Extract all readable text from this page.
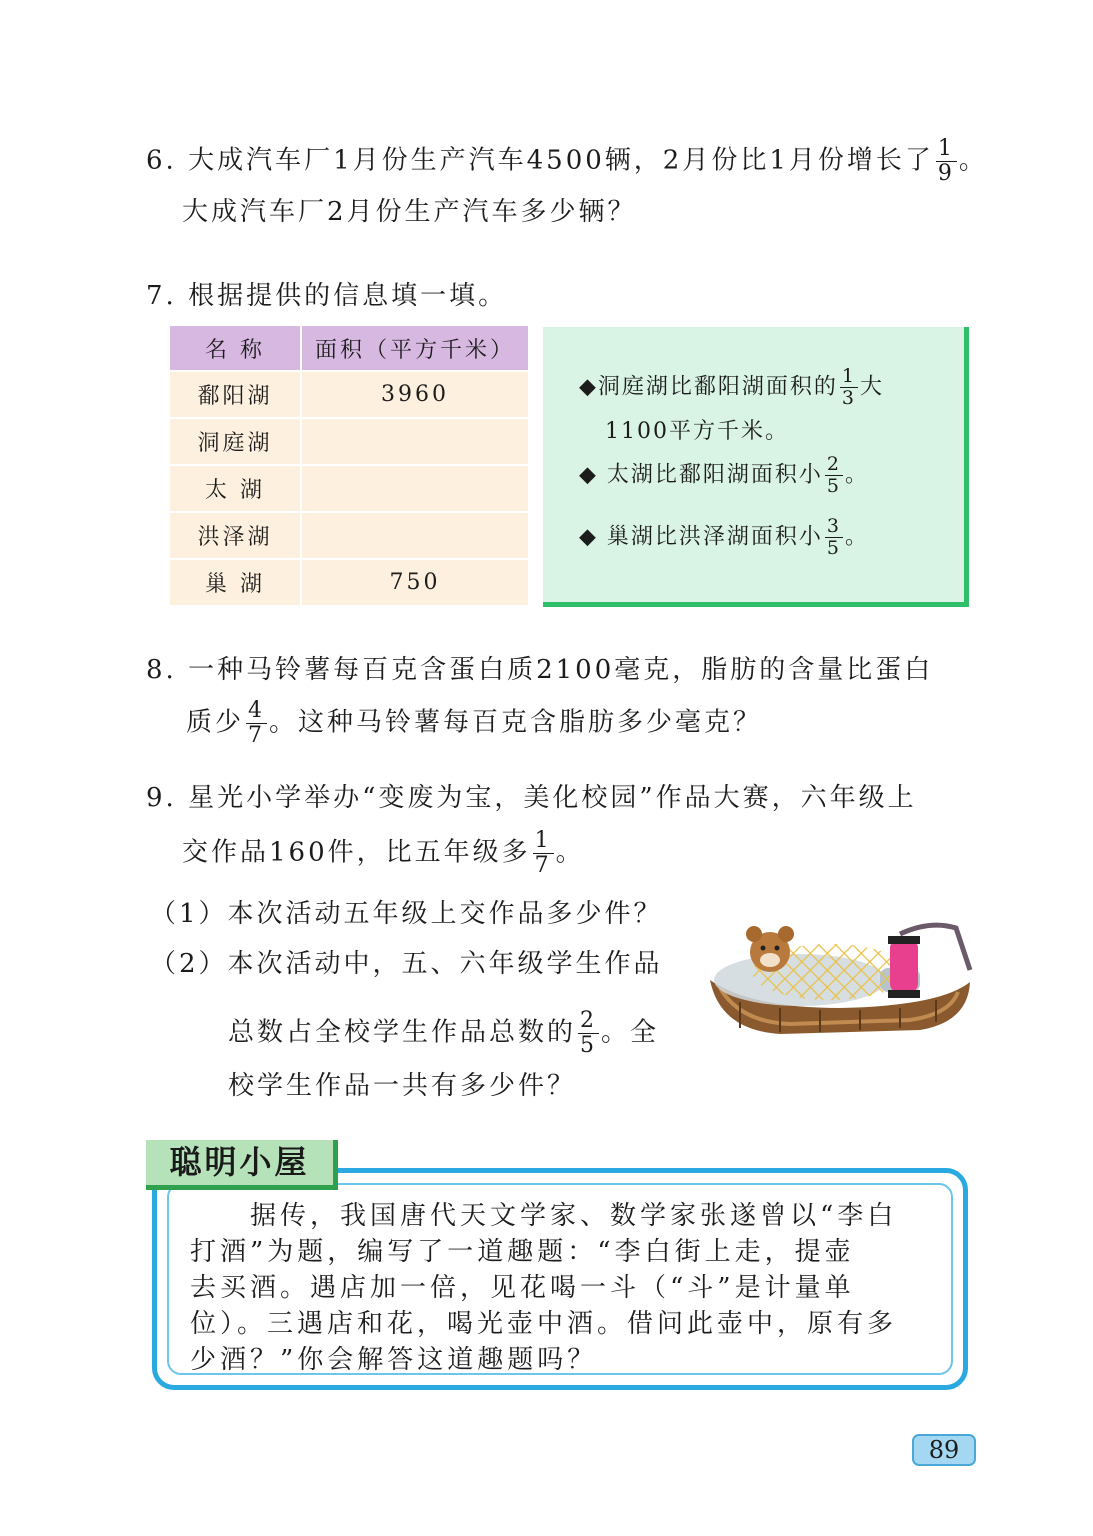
6. 大成汽车厂1月份生产汽车4500辆，2月份比1月份增长了 $\frac{1}{9}$ 。
大成汽车厂2月份生产汽车多少辆？
7. 根据提供的信息填一填。
名 称	面积（平方千米）
鄱阳湖	3960
洞庭湖	
太 湖	
洪泽湖	
巢 湖	750
◆洞庭湖比鄱阳湖面积的 $\frac{1}{3}$ 大
1100平方千米。
◆ 太湖比鄱阳湖面积小 $\frac{2}{5}$ 。
◆ 巢湖比洪泽湖面积小 $\frac{3}{5}$ 。
8. 一种马铃薯每百克含蛋白质2100毫克，脂肪的含量比蛋白
质少 $\frac{4}{7}$ 。这种马铃薯每百克含脂肪多少毫克？
9. 星光小学举办“变废为宝，美化校园”作品大赛，六年级上
交作品160件，比五年级多 $\frac{1}{7}$ 。
（1）本次活动五年级上交作品多少件？
（2）本次活动中，五、六年级学生作品
总数占全校学生作品总数的 $\frac{2}{5}$ 。全
校学生作品一共有多少件？
聪明小屋
　　据传，我国唐代天文学家、数学家张遂曾以“李白
打酒”为题，编写了一道趣题：“李白街上走，提壶
去买酒。遇店加一倍，见花喝一斗（“斗”是计量单
位）。三遇店和花，喝光壶中酒。借问此壶中，原有多
少酒？”你会解答这道趣题吗？
89
